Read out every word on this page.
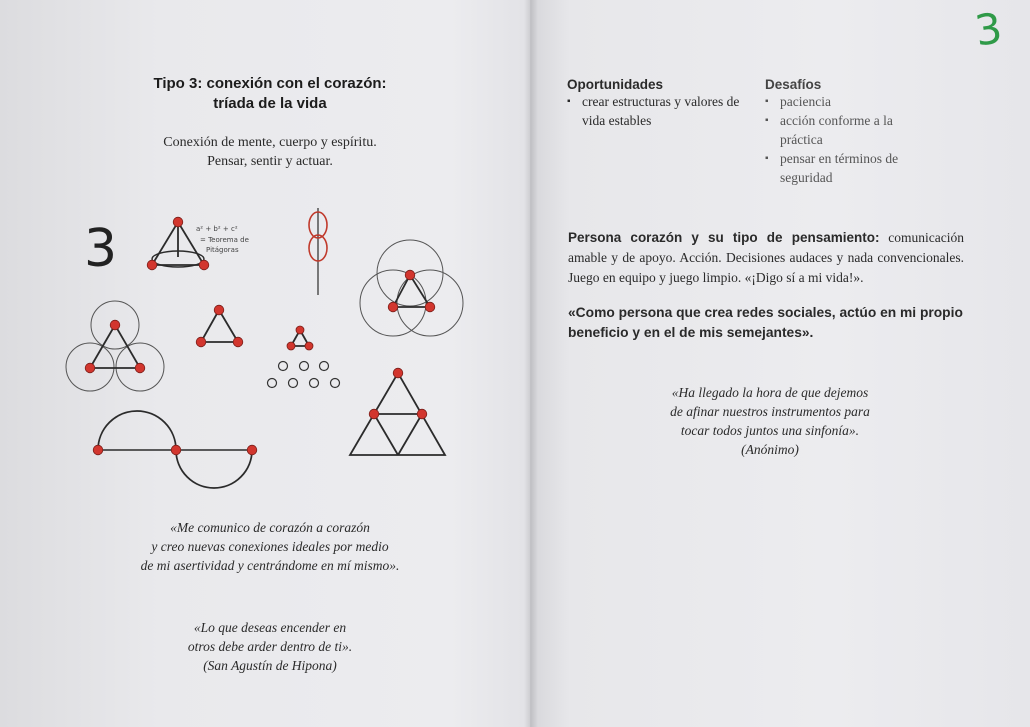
Tipo 3: conexión con el corazón:
tríada de la vida
Conexión de mente, cuerpo y espíritu.
Pensar, sentir y actuar.
3	a² + b² + c²
= Teorema de
Pitágoras
«Me comunico de corazón a corazón
y creo nuevas conexiones ideales por medio
de mi asertividad y centrándome en mí mismo».
«Lo que deseas encender en
otros debe arder dentro de ti».
(San Agustín de Hipona)
3
Oportunidades
▪ crear estructuras y valores de vida estables
Desafíos
▪ paciencia
▪ acción conforme a la práctica
▪ pensar en términos de seguridad
Persona corazón y su tipo de pensamiento: comunicación amable y de apoyo. Acción. Decisiones audaces y nada convencionales. Juego en equipo y juego limpio. «¡Digo sí a mi vida!».
«Como persona que crea redes sociales, actúo en mi propio beneficio y en el de mis semejantes».
«Ha llegado la hora de que dejemos
de afinar nuestros instrumentos para
tocar todos juntos una sinfonía».
(Anónimo)
